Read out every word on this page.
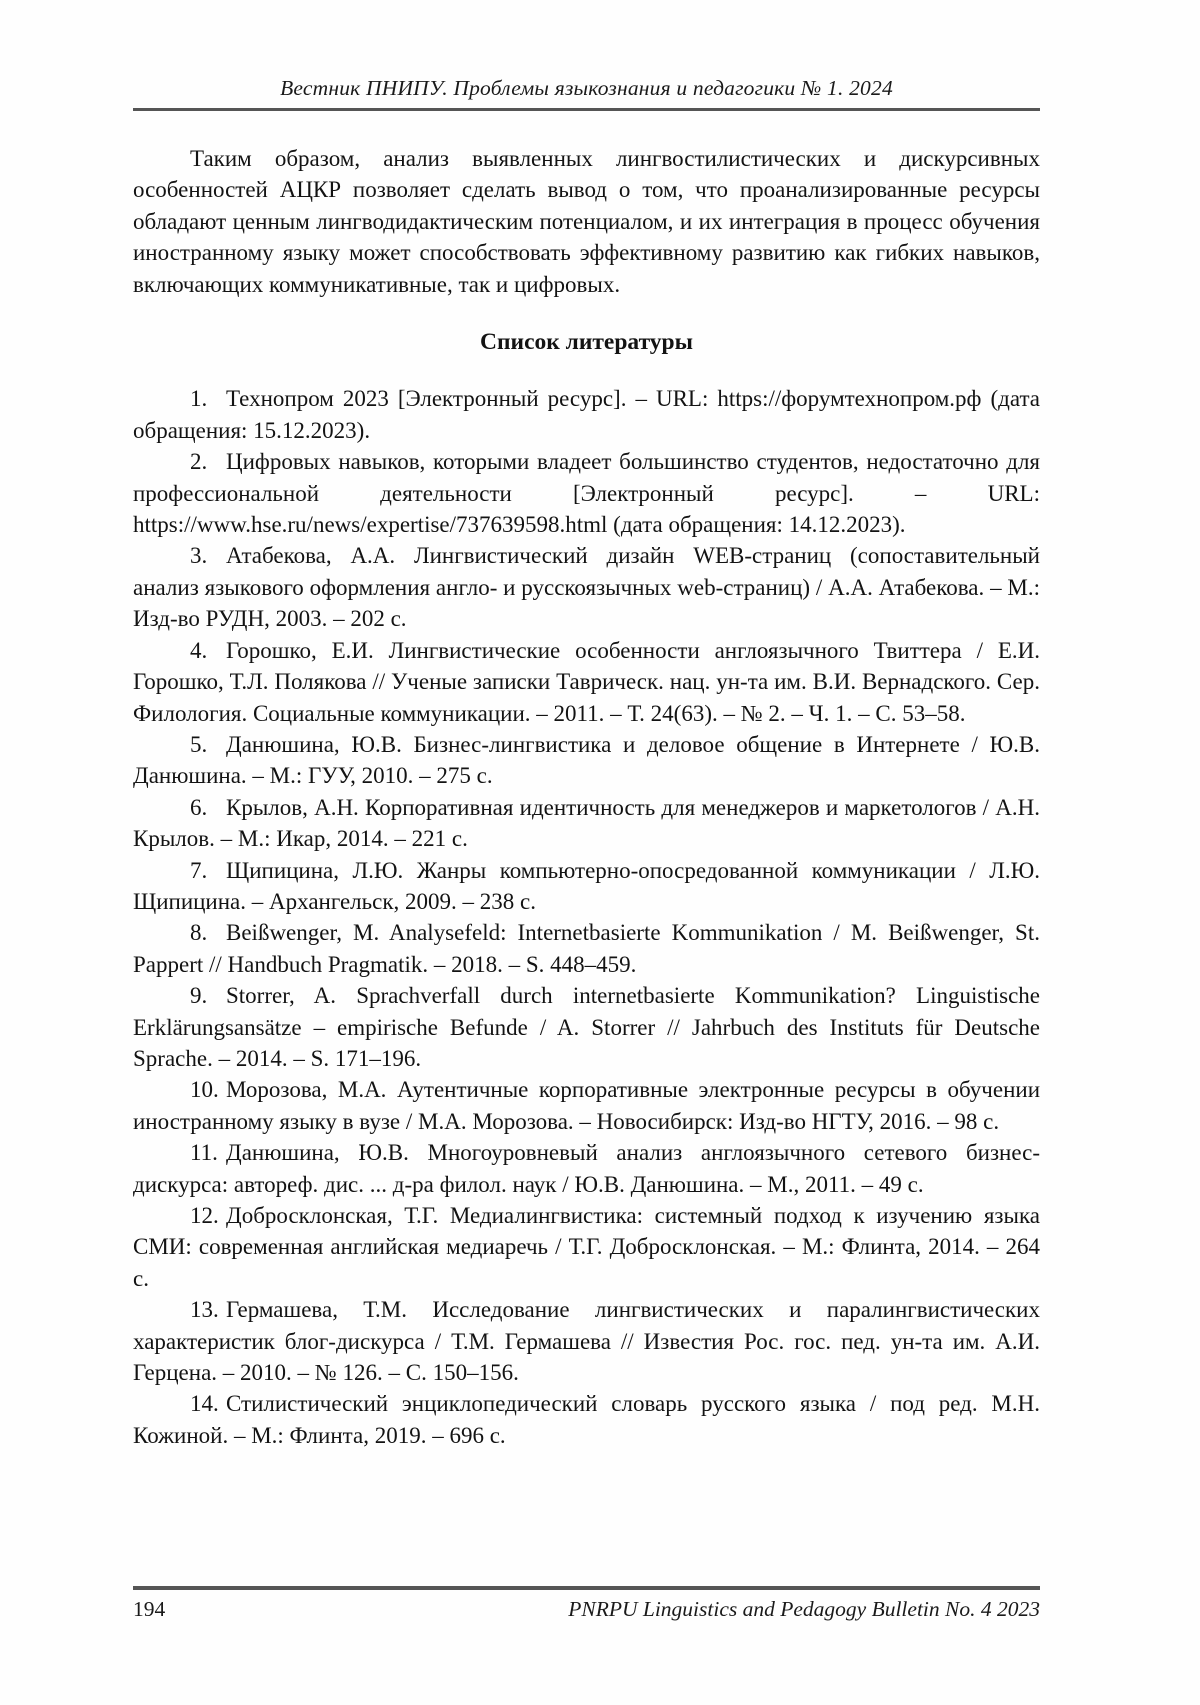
Вестник ПНИПУ. Проблемы языкознания и педагогики № 1. 2024

Таким образом, анализ выявленных лингвостилистических и дискурсивных особенностей АЦКР позволяет сделать вывод о том, что проанализированные ресурсы обладают ценным лингводидактическим потенциалом, и их интеграция в процесс обучения иностранному языку может способствовать эффективному развитию как гибких навыков, включающих коммуникативные, так и цифровых.

Список литературы

1. Технопром 2023 [Электронный ресурс]. – URL: https://форумтехнопром.рф (дата обращения: 15.12.2023).

2. Цифровых навыков, которыми владеет большинство студентов, недостаточно для профессиональной деятельности [Электронный ресурс]. – URL: https://www.hse.ru/news/expertise/737639598.html (дата обращения: 14.12.2023).

3. Атабекова, А.А. Лингвистический дизайн WEB-страниц (сопоставительный анализ языкового оформления англо- и русскоязычных web-страниц) / А.А. Атабекова. – М.: Изд-во РУДН, 2003. – 202 с.

4. Горошко, Е.И. Лингвистические особенности англоязычного Твиттера / Е.И. Горошко, Т.Л. Полякова // Ученые записки Таврическ. нац. ун-та им. В.И. Вернадского. Сер. Филология. Социальные коммуникации. – 2011. – Т. 24(63). – № 2. – Ч. 1. – С. 53–58.

5. Данюшина, Ю.В. Бизнес-лингвистика и деловое общение в Интернете / Ю.В. Данюшина. – М.: ГУУ, 2010. – 275 с.

6. Крылов, А.Н. Корпоративная идентичность для менеджеров и маркетологов / А.Н. Крылов. – М.: Икар, 2014. – 221 с.

7. Щипицина, Л.Ю. Жанры компьютерно-опосредованной коммуникации / Л.Ю. Щипицина. – Архангельск, 2009. – 238 с.

8. Beißwenger, M. Analysefeld: Internetbasierte Kommunikation / M. Beißwenger, St. Pappert // Handbuch Pragmatik. – 2018. – S. 448–459.

9. Storrer, A. Sprachverfall durch internetbasierte Kommunikation? Linguistische Erklärungsansätze – empirische Befunde / A. Storrer // Jahrbuch des Instituts für Deutsche Sprache. – 2014. – S. 171–196.

10. Морозова, М.А. Аутентичные корпоративные электронные ресурсы в обучении иностранному языку в вузе / М.А. Морозова. – Новосибирск: Изд-во НГТУ, 2016. – 98 с.

11. Данюшина, Ю.В. Многоуровневый анализ англоязычного сетевого бизнес-дискурса: автореф. дис. ... д-ра филол. наук / Ю.В. Данюшина. – М., 2011. – 49 с.

12. Добросклонская, Т.Г. Медиалингвистика: системный подход к изучению языка СМИ: современная английская медиаречь / Т.Г. Добросклонская. – М.: Флинта, 2014. – 264 с.

13. Гермашева, Т.М. Исследование лингвистических и паралингвистических характеристик блог-дискурса / Т.М. Гермашева // Известия Рос. гос. пед. ун-та им. А.И. Герцена. – 2010. – № 126. – С. 150–156.

14. Стилистический энциклопедический словарь русского языка / под ред. М.Н. Кожиной. – М.: Флинта, 2019. – 696 с.

194	PNRPU Linguistics and Pedagogy Bulletin No. 4 2023
